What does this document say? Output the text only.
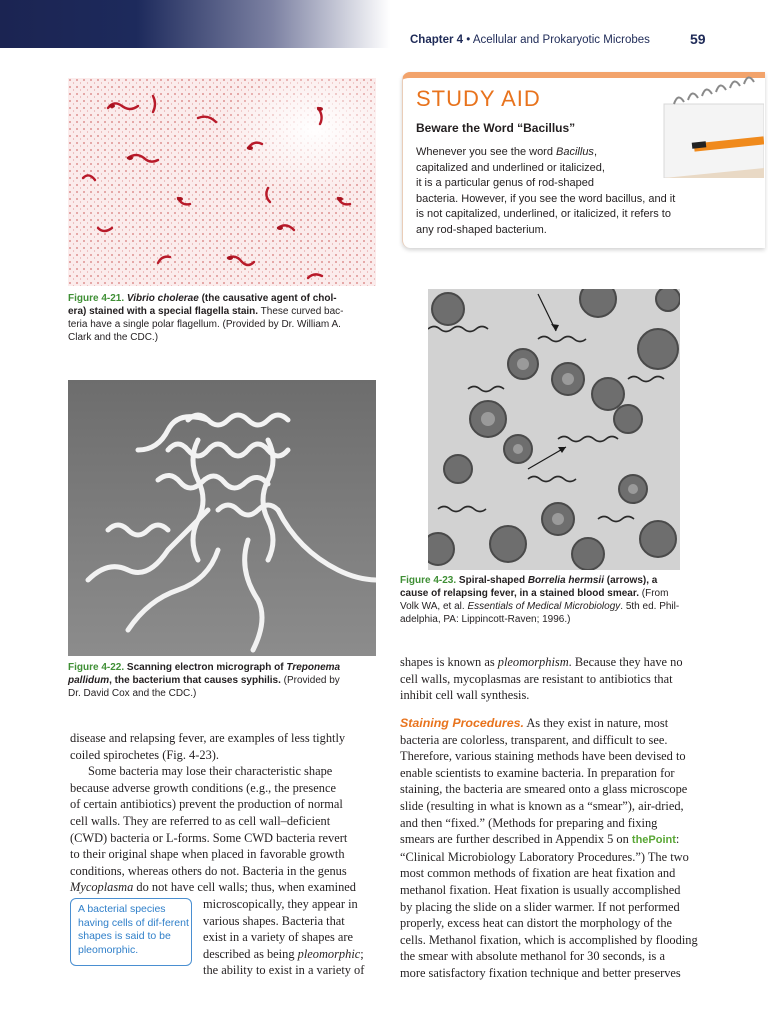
Chapter 4 • Acellular and Prokaryotic Microbes	59
Figure 4-21. Vibrio cholerae (the causative agent of chol-
era) stained with a special flagella stain. These curved bac-
teria have a single polar flagellum. (Provided by Dr. William A.
Clark and the CDC.)
STUDY AID
Beware the Word “Bacillus”
Whenever you see the word Bacillus,
capitalized and underlined or italicized,
it is a particular genus of rod-shaped
bacteria. However, if you see the word bacillus, and it
is not capitalized, underlined, or italicized, it refers to
any rod-shaped bacterium.
Figure 4-22. Scanning electron micrograph of Treponema
pallidum, the bacterium that causes syphilis. (Provided by
Dr. David Cox and the CDC.)
Figure 4-23. Spiral-shaped Borrelia hermsii (arrows), a
cause of relapsing fever, in a stained blood smear. (From
Volk WA, et al. Essentials of Medical Microbiology. 5th ed. Phil-
adelphia, PA: Lippincott-Raven; 1996.)

disease and relapsing fever, are examples of less tightly

coiled spirochetes (Fig. 4-23).

Some bacteria may lose their characteristic shape

because adverse growth conditions (e.g., the presence

of certain antibiotics) prevent the production of normal

cell walls. They are referred to as cell wall–deficient

(CWD) bacteria or L-forms. Some CWD bacteria revert

to their original shape when placed in favorable growth

conditions, whereas others do not. Bacteria in the genus

Mycoplasma do not have cell walls; thus, when examined

microscopically, they appear in

various shapes. Bacteria that

exist in a variety of shapes are

described as being pleomorphic;

the ability to exist in a variety of

A bacterial species having cells of dif-ferent shapes is said to be pleomorphic.

shapes is known as pleomorphism. Because they have no

cell walls, mycoplasmas are resistant to antibiotics that

inhibit cell wall synthesis.

Staining Procedures. As they exist in nature, most

bacteria are colorless, transparent, and difficult to see.

Therefore, various staining methods have been devised to

enable scientists to examine bacteria. In preparation for

staining, the bacteria are smeared onto a glass microscope

slide (resulting in what is known as a “smear”), air-dried,

and then “fixed.” (Methods for preparing and fixing

smears are further described in Appendix 5 on thePoint:

“Clinical Microbiology Laboratory Procedures.”) The two

most common methods of fixation are heat fixation and

methanol fixation. Heat fixation is usually accomplished

by placing the slide on a slider warmer. If not performed

properly, excess heat can distort the morphology of the

cells. Methanol fixation, which is accomplished by flooding

the smear with absolute methanol for 30 seconds, is a

more satisfactory fixation technique and better preserves
